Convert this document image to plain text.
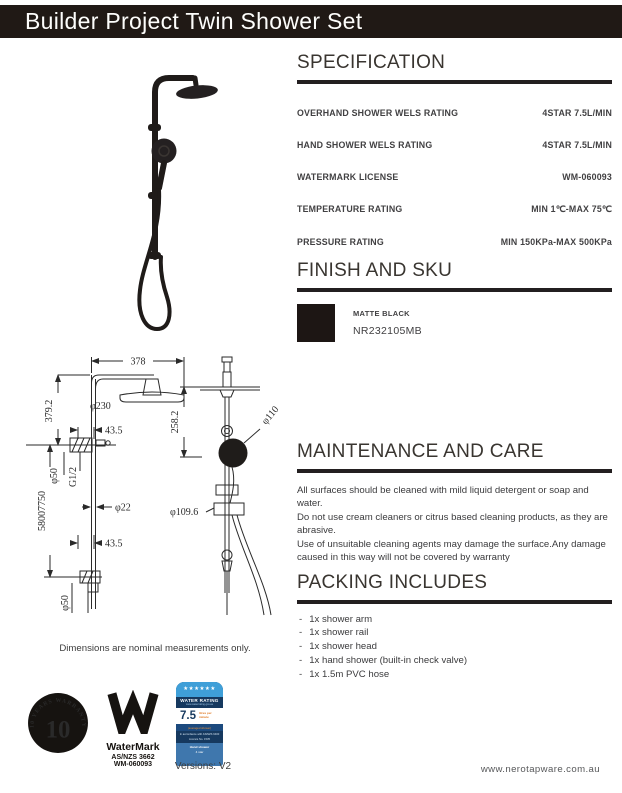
Builder Project Twin Shower Set
378
379.2	φ230
43.5
φ50 G1/2
φ22
58007750
43.5
φ50
258.2	φ110
φ109.6
SPECIFICATION
OVERHAND SHOWER WELS RATING	4STAR 7.5L/MIN
HAND SHOWER WELS RATING	4STAR 7.5L/MIN
WATERMARK LICENSE	WM-060093
TEMPERATURE RATING	MIN 1℃-MAX 75℃
PRESSURE RATING	MIN 150KPa-MAX 500KPa
FINISH AND SKU
MATTE BLACK
NR232105MB
MAINTENANCE AND CARE
All surfaces should be cleaned with mild liquid detergent or soap and water.
Do not use cream cleaners or citrus based cleaning products, as they are abrasive.
Use of unsuitable cleaning agents may damage the surface.Any damage caused in this way will not be covered by warranty
PACKING INCLUDES
- 1x shower arm
- 1x shower rail
- 1x shower head
- 1x hand shower (built-in check valve)
- 1x 1.5m PVC hose
Dimensions are nominal measurements only.
10 YEARS WARRANTY
10
WaterMark
AS/NZS 3662
WM-060093
★★★★★★
WATER RATING
www.waterrating.gov.au
7.5 litres per
minute
(averaged shower)
In accordance with AS/NZS 6400
Licence No. 1535
Hand shower
4 star
Versions: V2	www.nerotapware.com.au
